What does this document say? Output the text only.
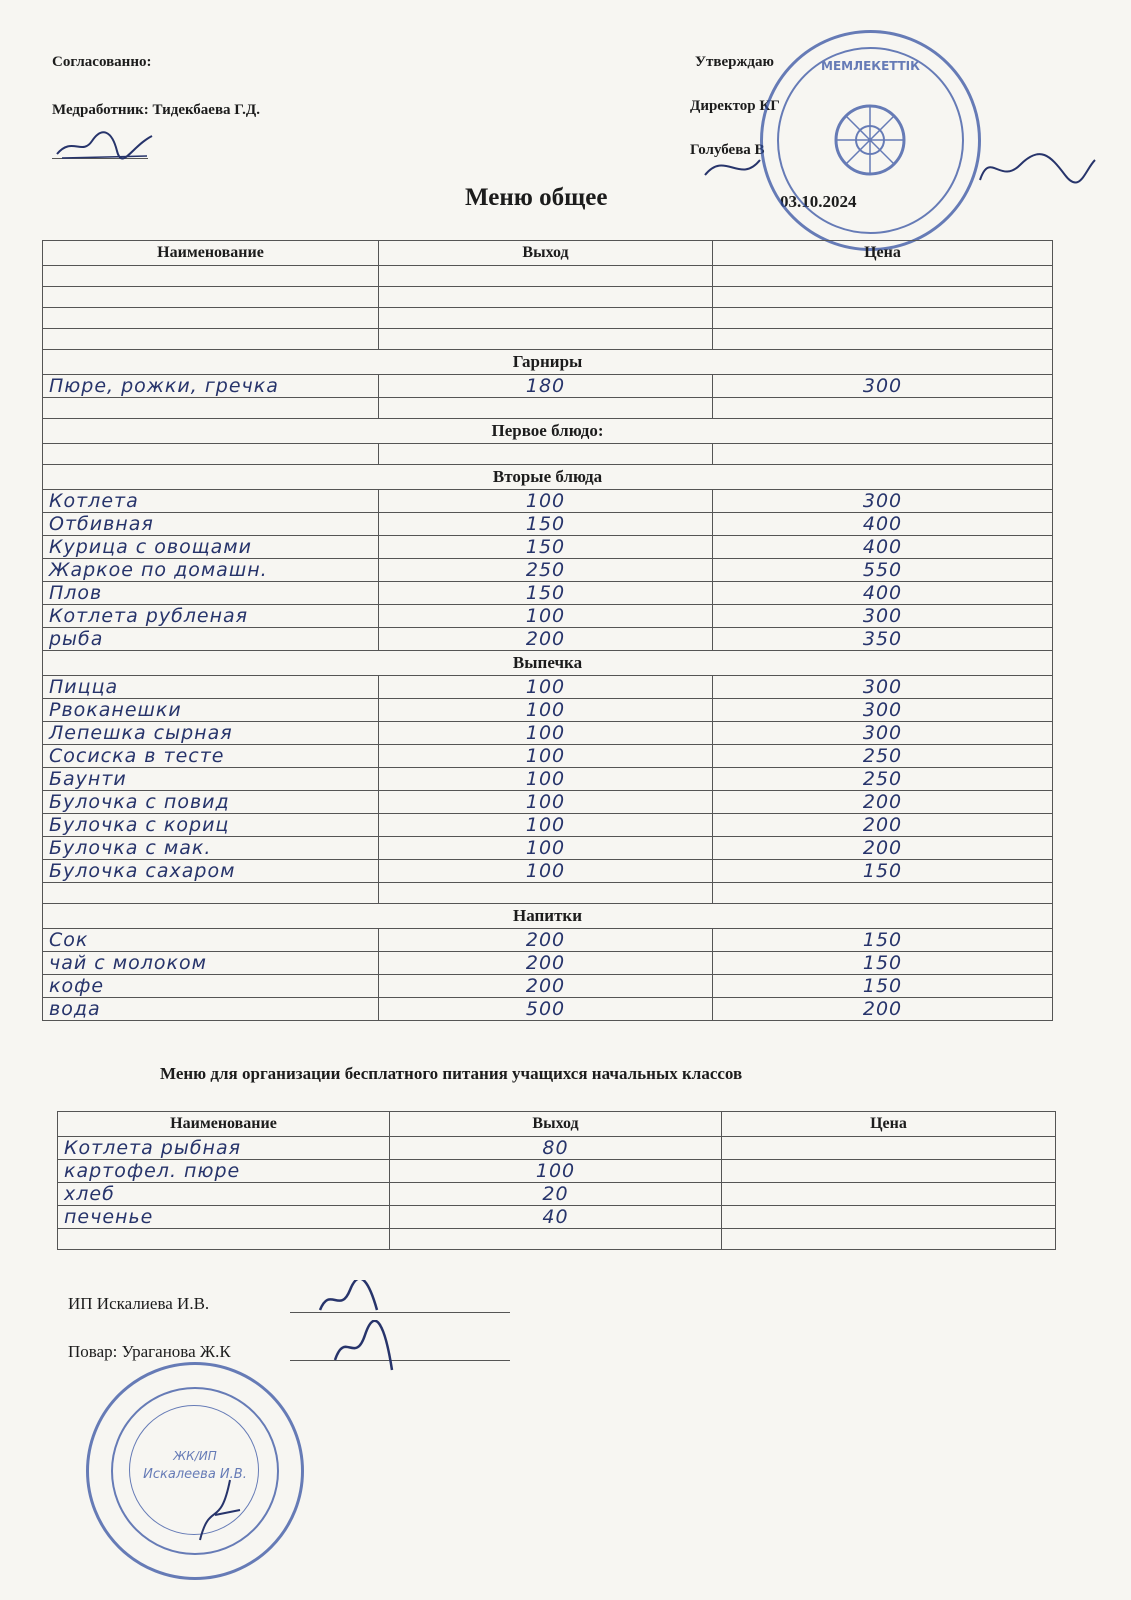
Согласованно:
Медработник: Тидекбаева Г.Д.
Утверждаю
Директор КГ
Голубева В
03.10.2024
МЕМЛЕКЕТТІК
Меню общее
Наименование	Выход	Цена

Гарниры		
Пюре, рожки, гречка	180	300

Первое блюдо:		

Вторые блюда		
Котлета	100	300
Отбивная	150	400
Курица с овощами	150	400
Жаркое по домашн.	250	550
Плов	150	400
Котлета рубленая	100	300
рыба	200	350
Выпечка		
Пицца	100	300
Рвоканешки	100	300
Лепешка сырная	100	300
Сосиска в тесте	100	250
Баунти	100	250
Булочка с повид	100	200
Булочка с кориц	100	200
Булочка с мак.	100	200
Булочка сахаром	100	150

Напитки		
Сок	200	150
чай с молоком	200	150
кофе	200	150
вода	500	200
Меню для организации бесплатного питания учащихся начальных классов
Наименование	Выход	Цена
Котлета рыбная	80	
картофел. пюре	100	
хлеб	20	
печенье	40	

ИП Искалиева И.В.
Повар: Ураганова Ж.К
ЖК/ИП
Искалеева И.В.
